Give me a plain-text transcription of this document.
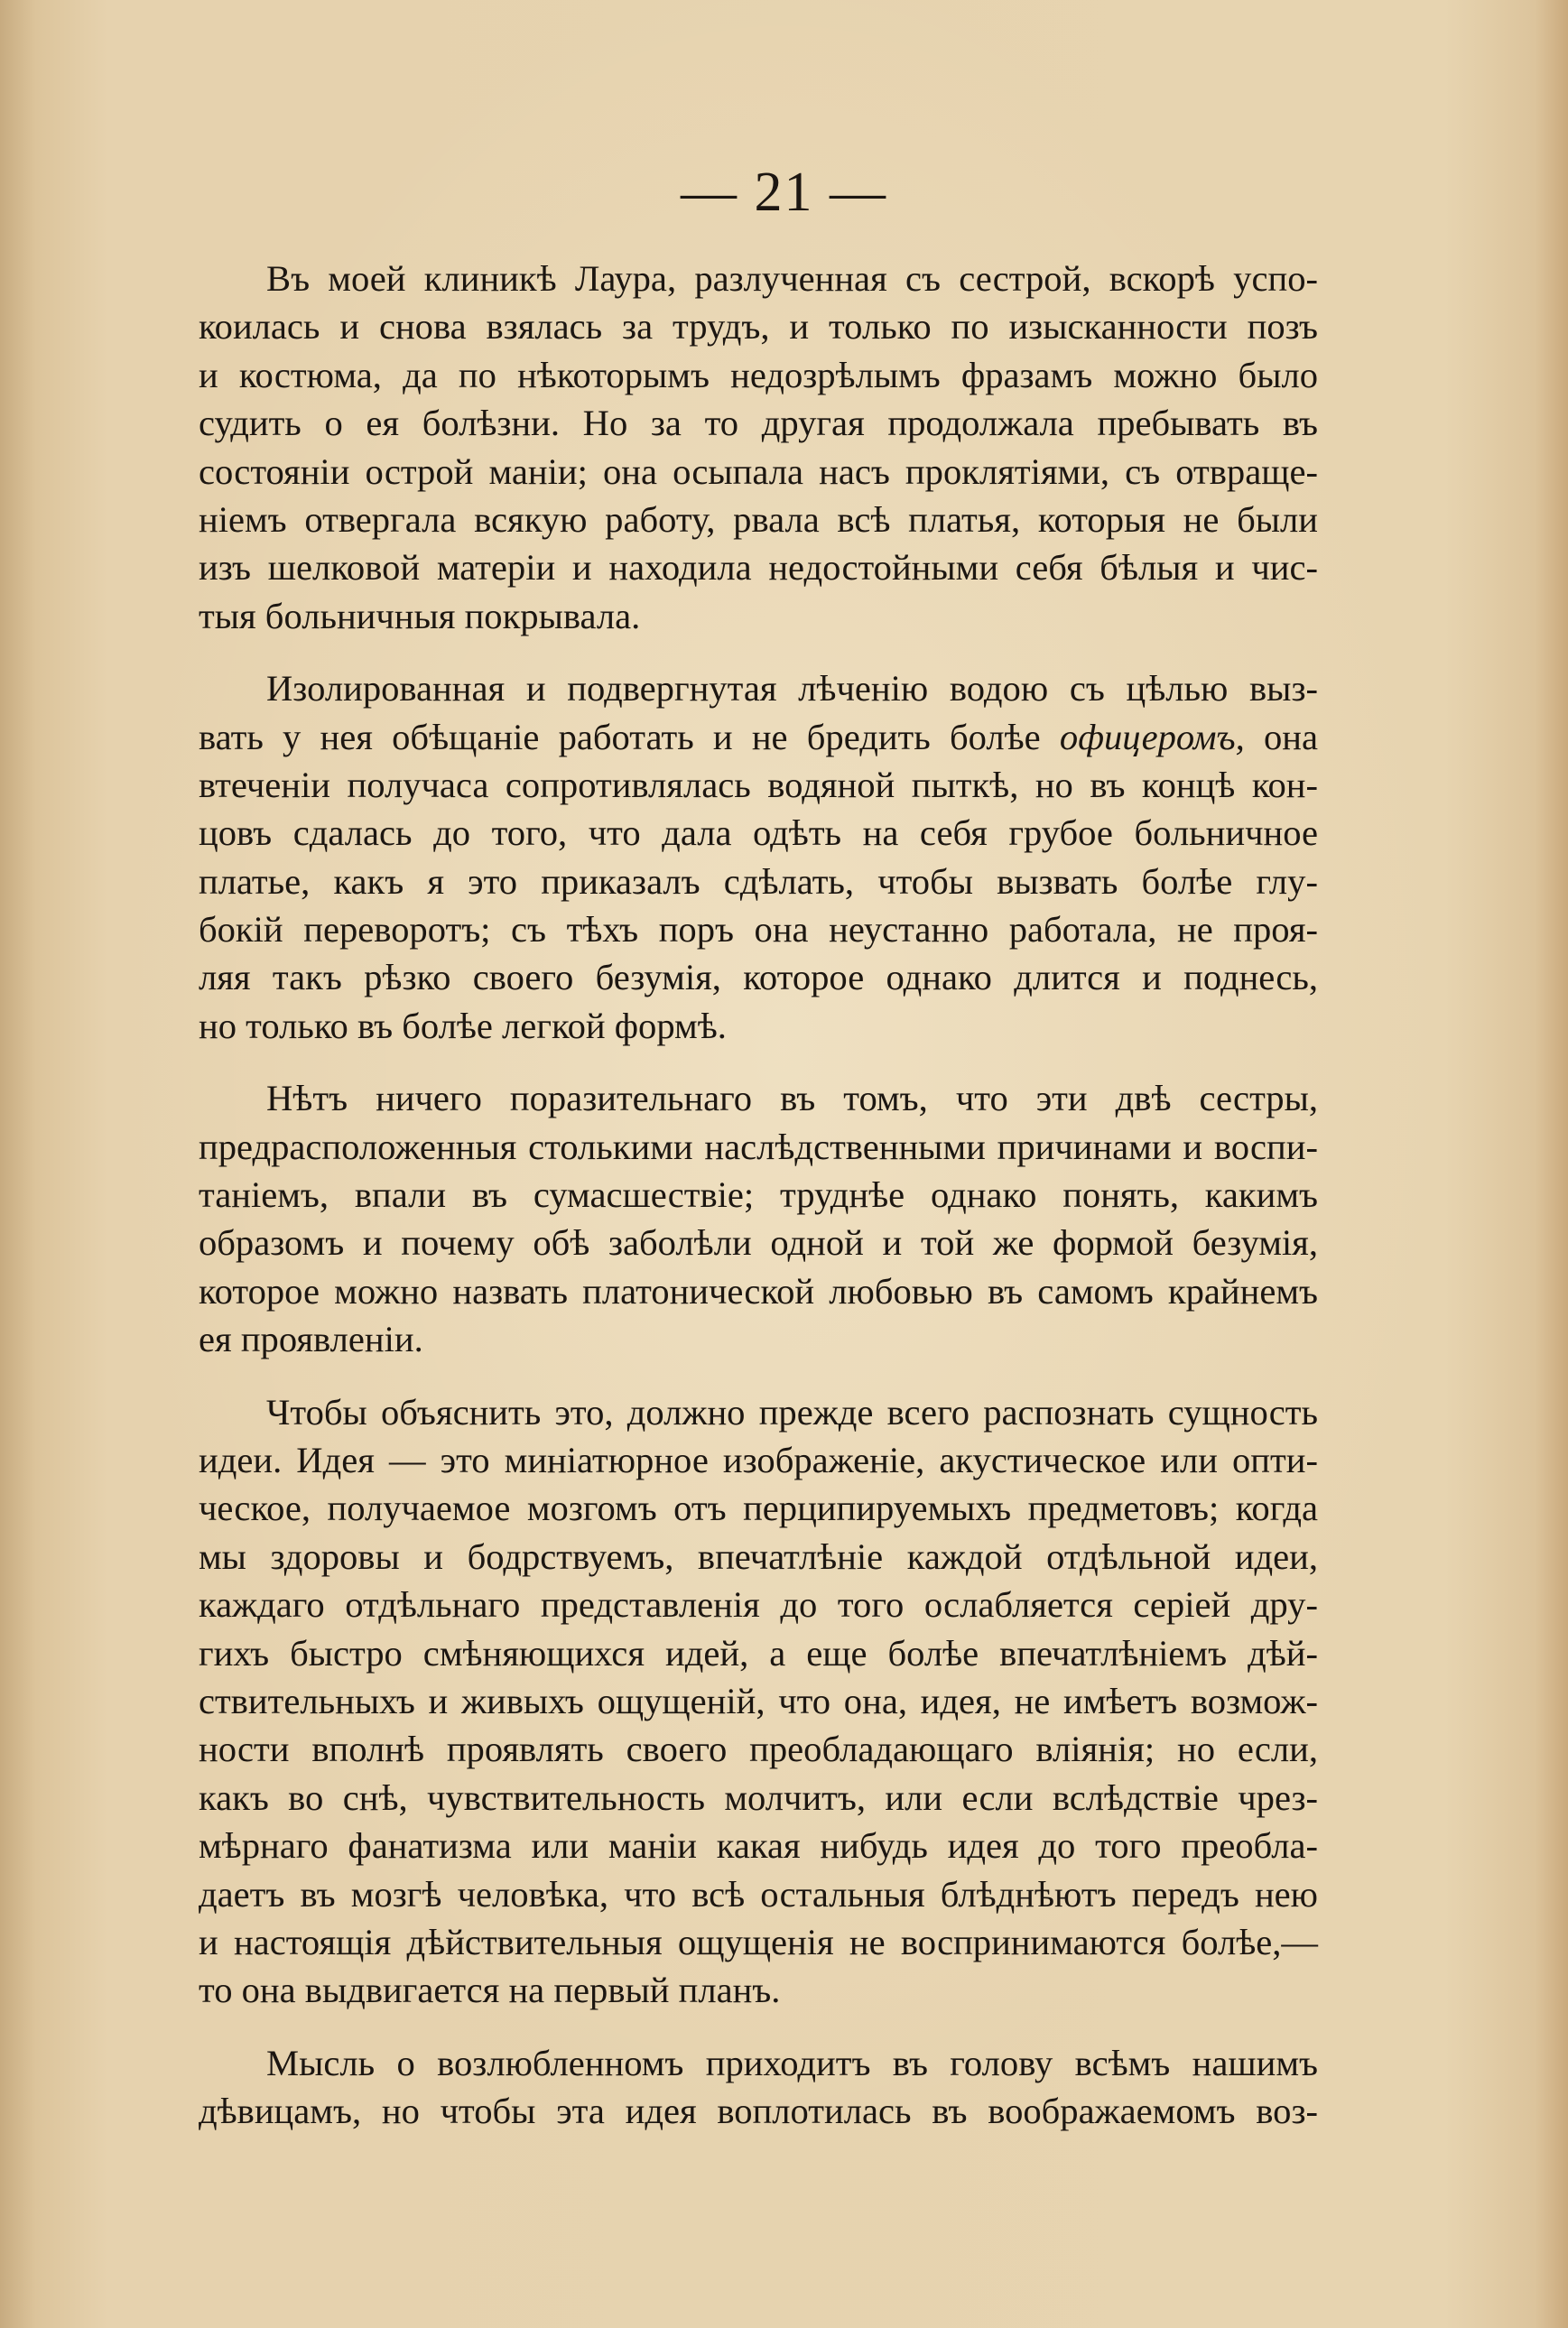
— 21 —
Въ моей клиникѣ Лаура, разлученная съ сестрой, вскорѣ успо-
коилась и снова взялась за трудъ, и только по изысканности позъ
и костюма, да по нѣкоторымъ недозрѣлымъ фразамъ можно было
судить о ея болѣзни. Но за то другая продолжала пребывать въ
состояніи острой маніи; она осыпала насъ проклятіями, съ отвраще-
ніемъ отвергала всякую работу, рвала всѣ платья, которыя не были
изъ шелковой матеріи и находила недостойными себя бѣлыя и чис-
тыя больничныя покрывала.
Изолированная и подвергнутая лѣченію водою съ цѣлью выз-
вать у нея обѣщаніе работать и не бредить болѣе офицеромъ, она
втеченіи получаса сопротивлялась водяной пыткѣ, но въ концѣ кон-
цовъ сдалась до того, что дала одѣть на себя грубое больничное
платье, какъ я это приказалъ сдѣлать, чтобы вызвать болѣе глу-
бокій переворотъ; съ тѣхъ поръ она неустанно работала, не проя-
ляя такъ рѣзко своего безумія, которое однако длится и поднесь,
но только въ болѣе легкой формѣ.
Нѣтъ ничего поразительнаго въ томъ, что эти двѣ сестры,
предрасположенныя столькими наслѣдственными причинами и воспи-
таніемъ, впали въ сумасшествіе; труднѣе однако понять, какимъ
образомъ и почему обѣ заболѣли одной и той же формой безумія,
которое можно назвать платонической любовью въ самомъ крайнемъ
ея проявленіи.
Чтобы объяснить это, должно прежде всего распознать сущность
идеи. Идея — это миніатюрное изображеніе, акустическое или опти-
ческое, получаемое мозгомъ отъ перципируемыхъ предметовъ; когда
мы здоровы и бодрствуемъ, впечатлѣніе каждой отдѣльной идеи,
каждаго отдѣльнаго представленія до того ослабляется серіей дру-
гихъ быстро смѣняющихся идей, а еще болѣе впечатлѣніемъ дѣй-
ствительныхъ и живыхъ ощущеній, что она, идея, не имѣетъ возмож-
ности вполнѣ проявлять своего преобладающаго вліянія; но если,
какъ во снѣ, чувствительность молчитъ, или если вслѣдствіе чрез-
мѣрнаго фанатизма или маніи какая нибудь идея до того преобла-
даетъ въ мозгѣ человѣка, что всѣ остальныя блѣднѣютъ передъ нею
и настоящія дѣйствительныя ощущенія не воспринимаются болѣе,—
то она выдвигается на первый планъ.
Мысль о возлюбленномъ приходитъ въ голову всѣмъ нашимъ
дѣвицамъ, но чтобы эта идея воплотилась въ воображаемомъ воз-
